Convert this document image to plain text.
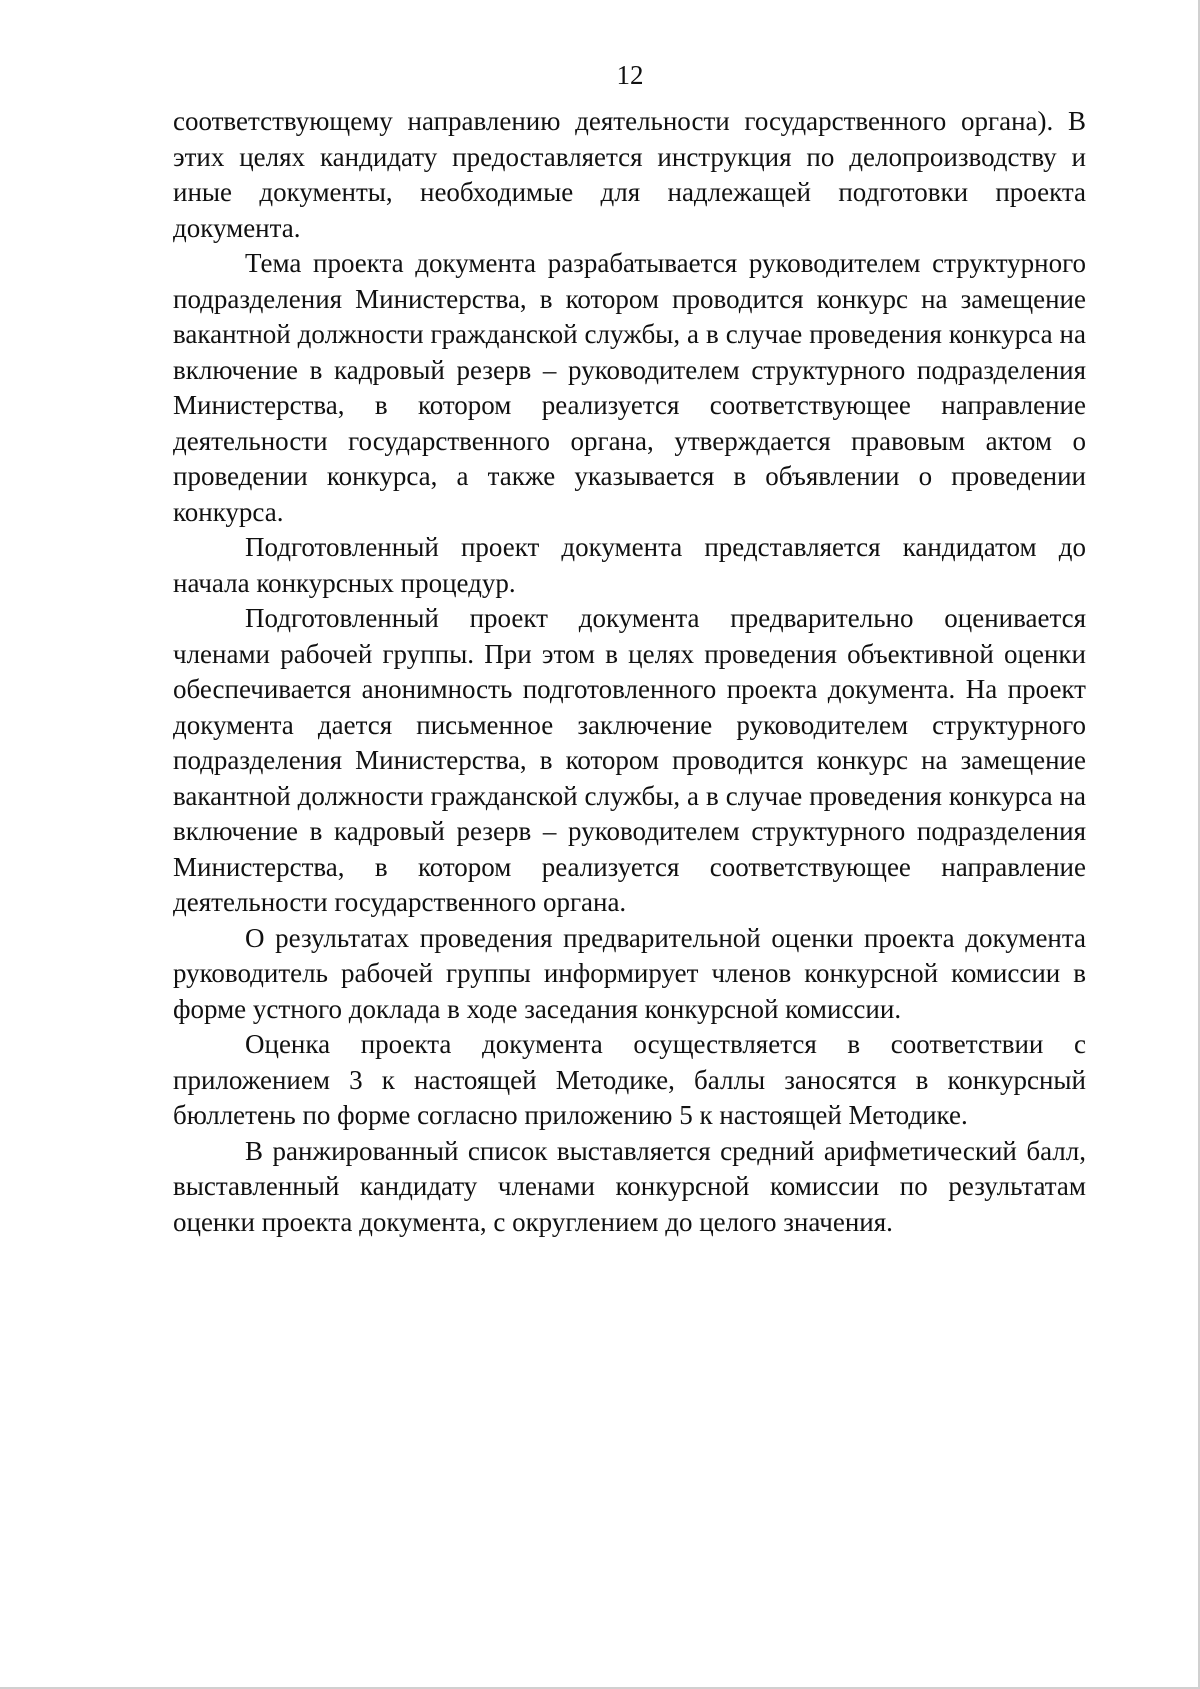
12

соответствующему направлению деятельности государственного органа). В этих целях кандидату предоставляется инструкция по делопроизводству и иные документы, необходимые для надлежащей подготовки проекта документа.

Тема проекта документа разрабатывается руководителем структурного подразделения Министерства, в котором проводится конкурс на замещение вакантной должности гражданской службы, а в случае проведения конкурса на включение в кадровый резерв – руководителем структурного подразделения Министерства, в котором реализуется соответствующее направление деятельности государственного органа, утверждается правовым актом о проведении конкурса, а также указывается в объявлении о проведении конкурса.

Подготовленный проект документа представляется кандидатом до начала конкурсных процедур.

Подготовленный проект документа предварительно оценивается членами рабочей группы. При этом в целях проведения объективной оценки обеспечивается анонимность подготовленного проекта документа. На проект документа дается письменное заключение руководителем структурного подразделения Министерства, в котором проводится конкурс на замещение вакантной должности гражданской службы, а в случае проведения конкурса на включение в кадровый резерв – руководителем структурного подразделения Министерства, в котором реализуется соответствующее направление деятельности государственного органа.

О результатах проведения предварительной оценки проекта документа руководитель рабочей группы информирует членов конкурсной комиссии в форме устного доклада в ходе заседания конкурсной комиссии.

Оценка проекта документа осуществляется в соответствии с приложением 3 к настоящей Методике, баллы заносятся в конкурсный бюллетень по форме согласно приложению 5 к настоящей Методике.

В ранжированный список выставляется средний арифметический балл, выставленный кандидату членами конкурсной комиссии по результатам оценки проекта документа, с округлением до целого значения.
